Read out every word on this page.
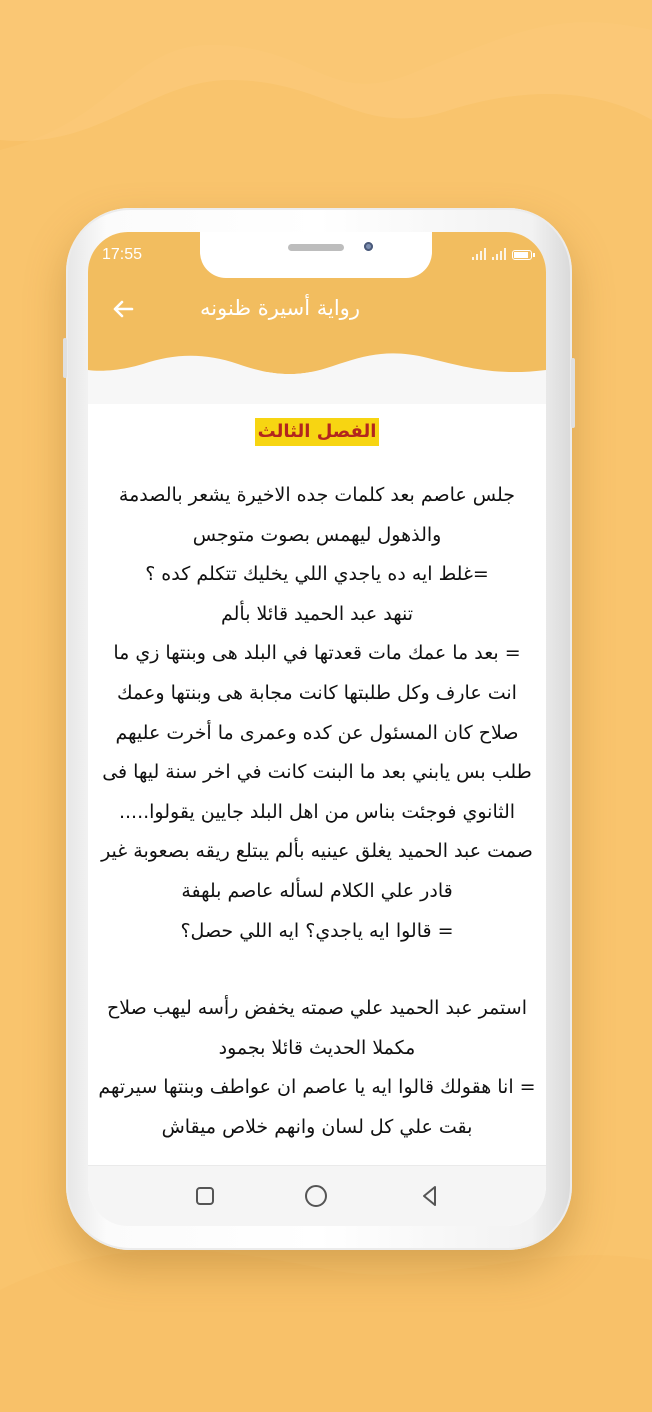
17:55
رواية أسيرة ظنونه
الفصل الثالث

جلس عاصم بعد كلمات جده الاخيرة يشعر بالصدمة والذهول ليهمس بصوت متوجس
=غلط ايه ده ياجدي اللي يخليك تتكلم كده ؟
تنهد عبد الحميد قائلا بألم
= بعد ما عمك مات قعدتها في البلد هى وبنتها زي ما انت عارف وكل طلبتها كانت مجابة هى وبنتها وعمك صلاح كان المسئول عن كده وعمرى ما أخرت عليهم طلب بس يابني بعد ما البنت كانت في اخر سنة ليها فى الثانوي فوجئت بناس من اهل البلد جايين يقولوا.....
صمت عبد الحميد يغلق عينيه بألم يبتلع ريقه بصعوبة غير قادر علي الكلام لسأله عاصم بلهفة
= قالوا ايه ياجدي؟ ايه اللي حصل؟

استمر عبد الحميد علي صمته يخفض رأسه ليهب صلاح مكملا الحديث قائلا بجمود
= انا هقولك قالوا ايه يا عاصم ان عواطف وبنتها سيرتهم بقت علي كل لسان وانهم خلاص ميقاش
